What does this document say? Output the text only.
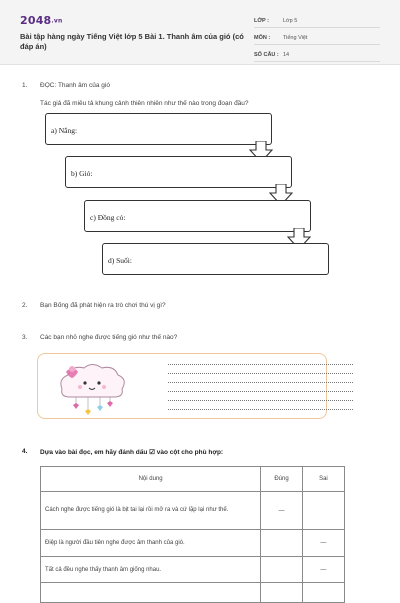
2048.vn
Bài tập hàng ngày Tiếng Việt lớp 5 Bài 1. Thanh âm của gió (có đáp án)
LỚP :	Lớp 5
MÔN :	Tiếng Việt
SỐ CÂU : 14
1. ĐỌC: Thanh âm của gió
Tác giả đã miêu tả khung cảnh thiên nhiên như thế nào trong đoạn đầu?
a) Nắng:
b) Gió:
c) Đồng cỏ:
d) Suối:
2. Bạn Bống đã phát hiện ra trò chơi thú vị gì?
3. Các bạn nhỏ nghe được tiếng gió như thế nào?
4. Dựa vào bài đọc, em hãy đánh dấu ☑ vào cột cho phù hợp:
Nội dung	Đúng	Sai
Cách nghe được tiếng gió là bịt tai lại rồi mở ra và cứ lặp lại như thế.	—	
Điệp là người đầu tiên nghe được âm thanh của gió.		—
Tất cả đều nghe thấy thanh âm giống nhau.		—
